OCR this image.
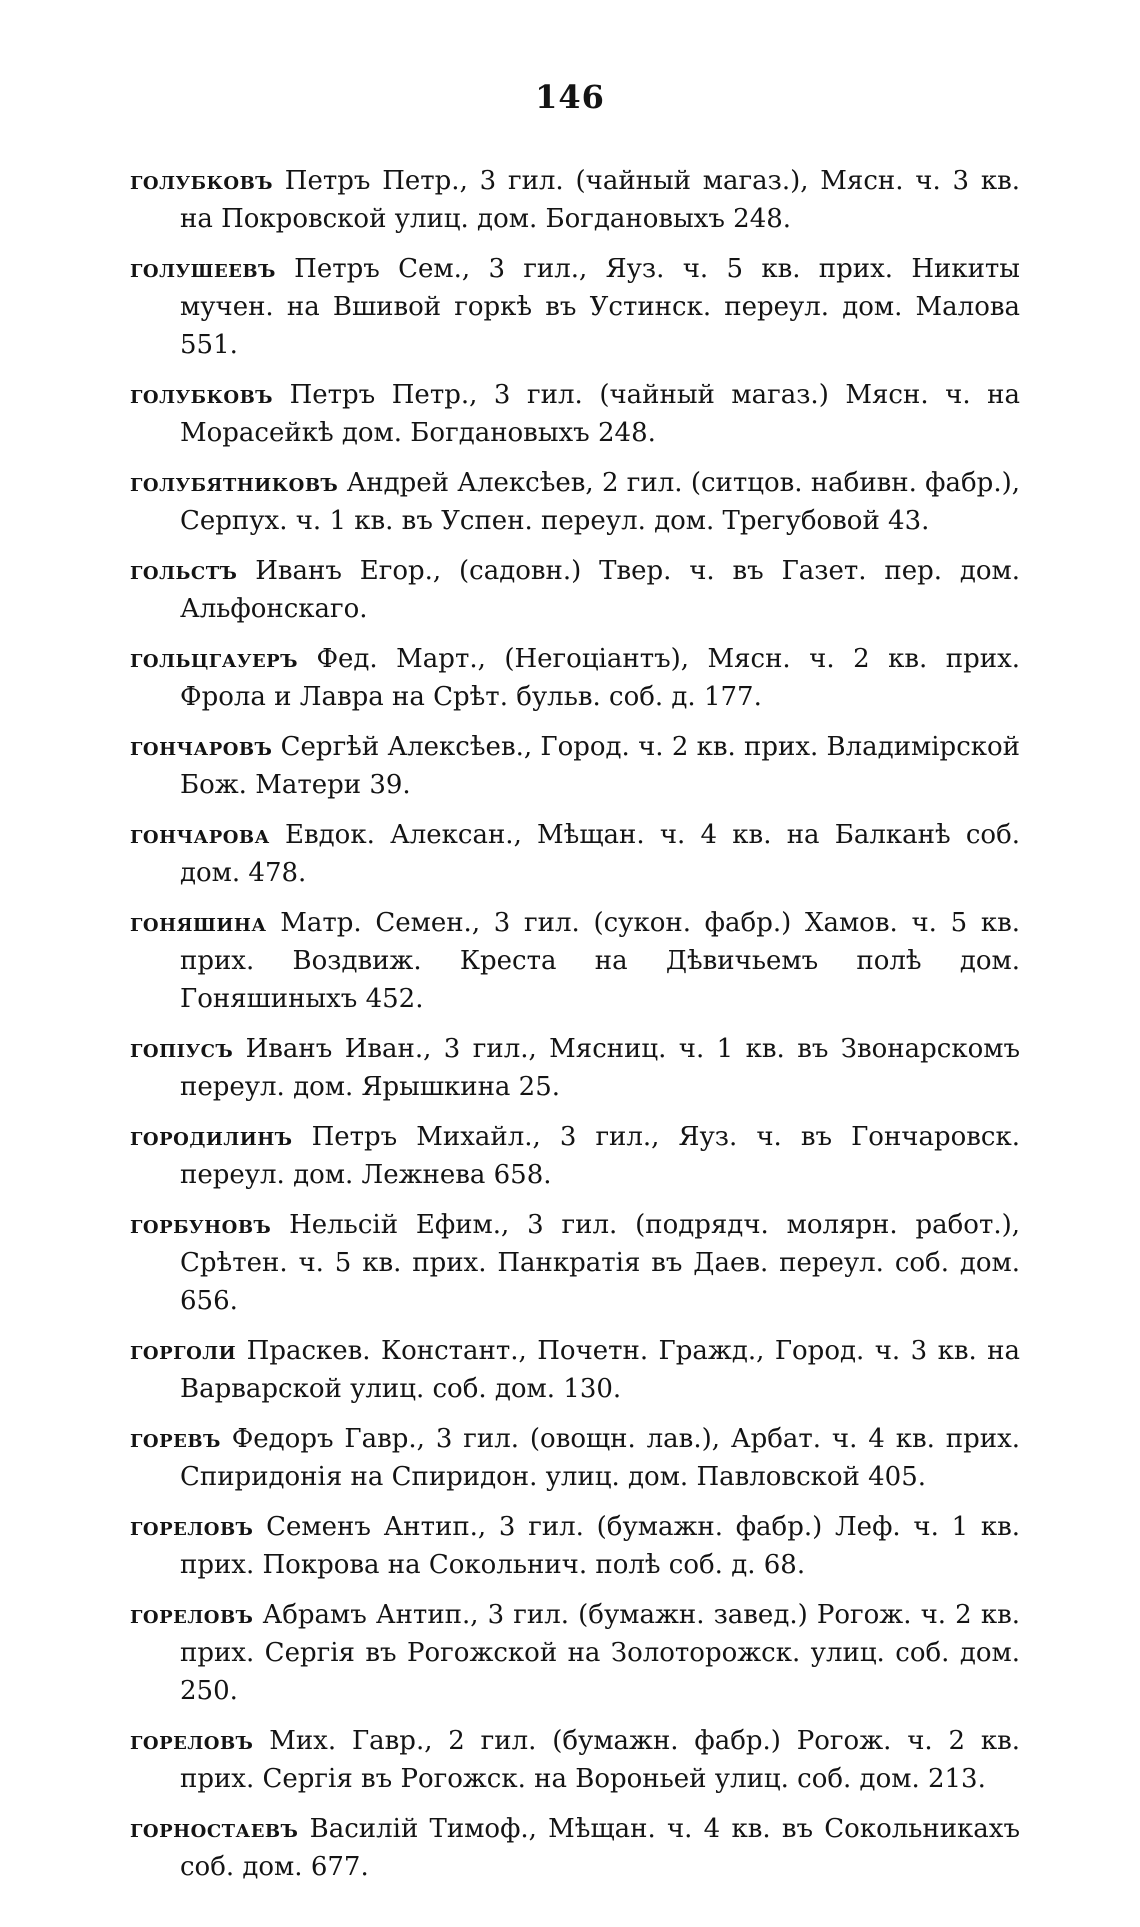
146

голубковъ Петръ Петр., 3 гил. (чайный магаз.), Мясн. ч. 3 кв. на Покровской улиц. дом. Богдановыхъ 248.

голушеевъ Петръ Сем., 3 гил., Яуз. ч. 5 кв. прих. Никиты мучен. на Вшивой горкѣ въ Устинск. переул. дом. Малова 551.

голубковъ Петръ Петр., 3 гил. (чайный магаз.) Мясн. ч. на Морасейкѣ дом. Богдановыхъ 248.

голубятниковъ Андрей Алексѣев, 2 гил. (ситцов. набивн. фабр.), Серпух. ч. 1 кв. въ Успен. переул. дом. Трегубовой 43.

гольстъ Иванъ Егор., (садовн.) Твер. ч. въ Газет. пер. дом. Альфонскаго.

гольцгауеръ Фед. Март., (Негоціантъ), Мясн. ч. 2 кв. прих. Фрола и Лавра на Срѣт. бульв. соб. д. 177.

гончаровъ Сергѣй Алексѣев., Город. ч. 2 кв. прих. Владимірской Бож. Матери 39.

гончарова Евдок. Алексан., Мѣщан. ч. 4 кв. на Балканѣ соб. дом. 478.

гоняшина Матр. Семен., 3 гил. (сукон. фабр.) Хамов. ч. 5 кв. прих. Воздвиж. Креста на Дѣвичьемъ полѣ дом. Гоняшиныхъ 452.

гопіусъ Иванъ Иван., 3 гил., Мясниц. ч. 1 кв. въ Звонарскомъ переул. дом. Ярышкина 25.

городилинъ Петръ Михайл., 3 гил., Яуз. ч. въ Гончаровск. переул. дом. Лежнева 658.

горбуновъ Нельсій Ефим., 3 гил. (подрядч. молярн. работ.), Срѣтен. ч. 5 кв. прих. Панкратія въ Даев. переул. соб. дом. 656.

горголи Праскев. Констант., Почетн. Гражд., Город. ч. 3 кв. на Варварской улиц. соб. дом. 130.

горевъ Федоръ Гавр., 3 гил. (овощн. лав.), Арбат. ч. 4 кв. прих. Спиридонія на Спиридон. улиц. дом. Павловской 405.

гореловъ Семенъ Антип., 3 гил. (бумажн. фабр.) Леф. ч. 1 кв. прих. Покрова на Сокольнич. полѣ соб. д. 68.

гореловъ Абрамъ Антип., 3 гил. (бумажн. завед.) Рогож. ч. 2 кв. прих. Сергія въ Рогожской на Золоторожск. улиц. соб. дом. 250.

гореловъ Мих. Гавр., 2 гил. (бумажн. фабр.) Рогож. ч. 2 кв. прих. Сергія въ Рогожск. на Вороньей улиц. соб. дом. 213.

горностаевъ Василій Тимоф., Мѣщан. ч. 4 кв. въ Сокольникахъ соб. дом. 677.
